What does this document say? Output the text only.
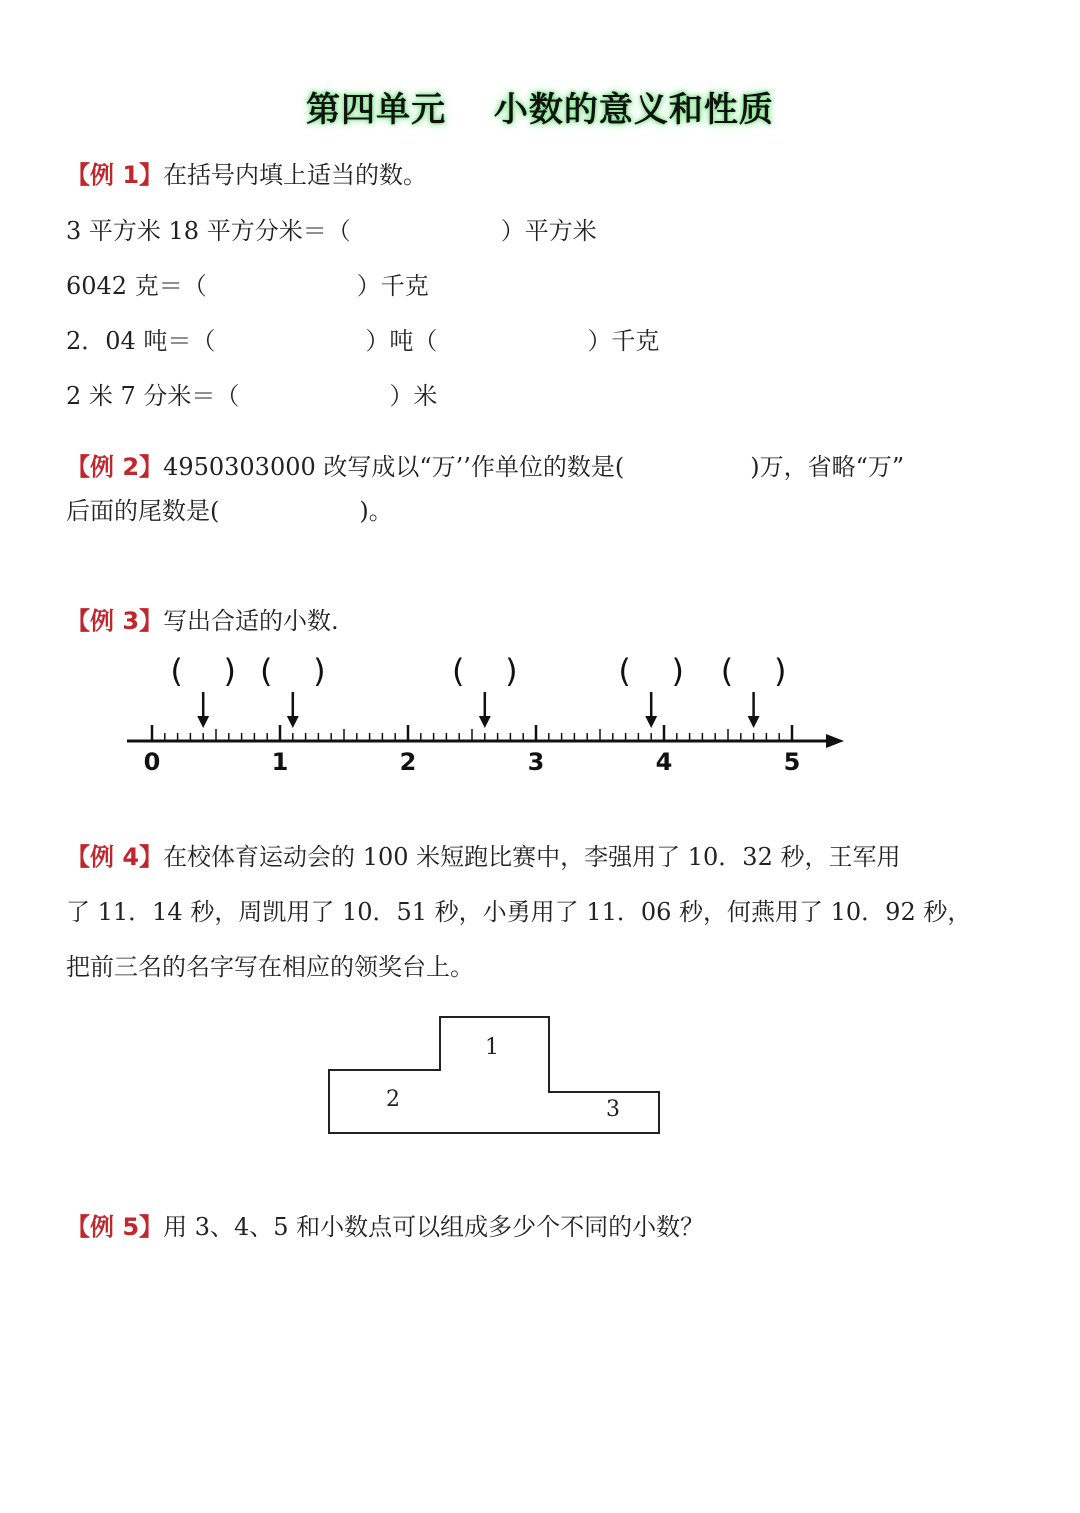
第四单元　 小数的意义和性质
【例 1】在括号内填上适当的数。
3 平方米 18 平方分米＝（	）平方米
6042 克＝（	）千克
2．04 吨＝（	）吨（	）千克
2 米 7 分米＝（	）米
【例 2】4950303000 改写成以“万’’作单位的数是(	)万，省略“万”
后面的尾数是(	)。
【例 3】写出合适的小数.
0	1	2	3	4	5
(    ) (    )	(    )	(    ) (    )
【例 4】在校体育运动会的 100 米短跑比赛中，李强用了 10．32 秒，王军用
了 11．14 秒，周凯用了 10．51 秒，小勇用了 11．06 秒，何燕用了 10．92 秒，
把前三名的名字写在相应的领奖台上。
1
2	3
【例 5】用 3、4、5 和小数点可以组成多少个不同的小数？
